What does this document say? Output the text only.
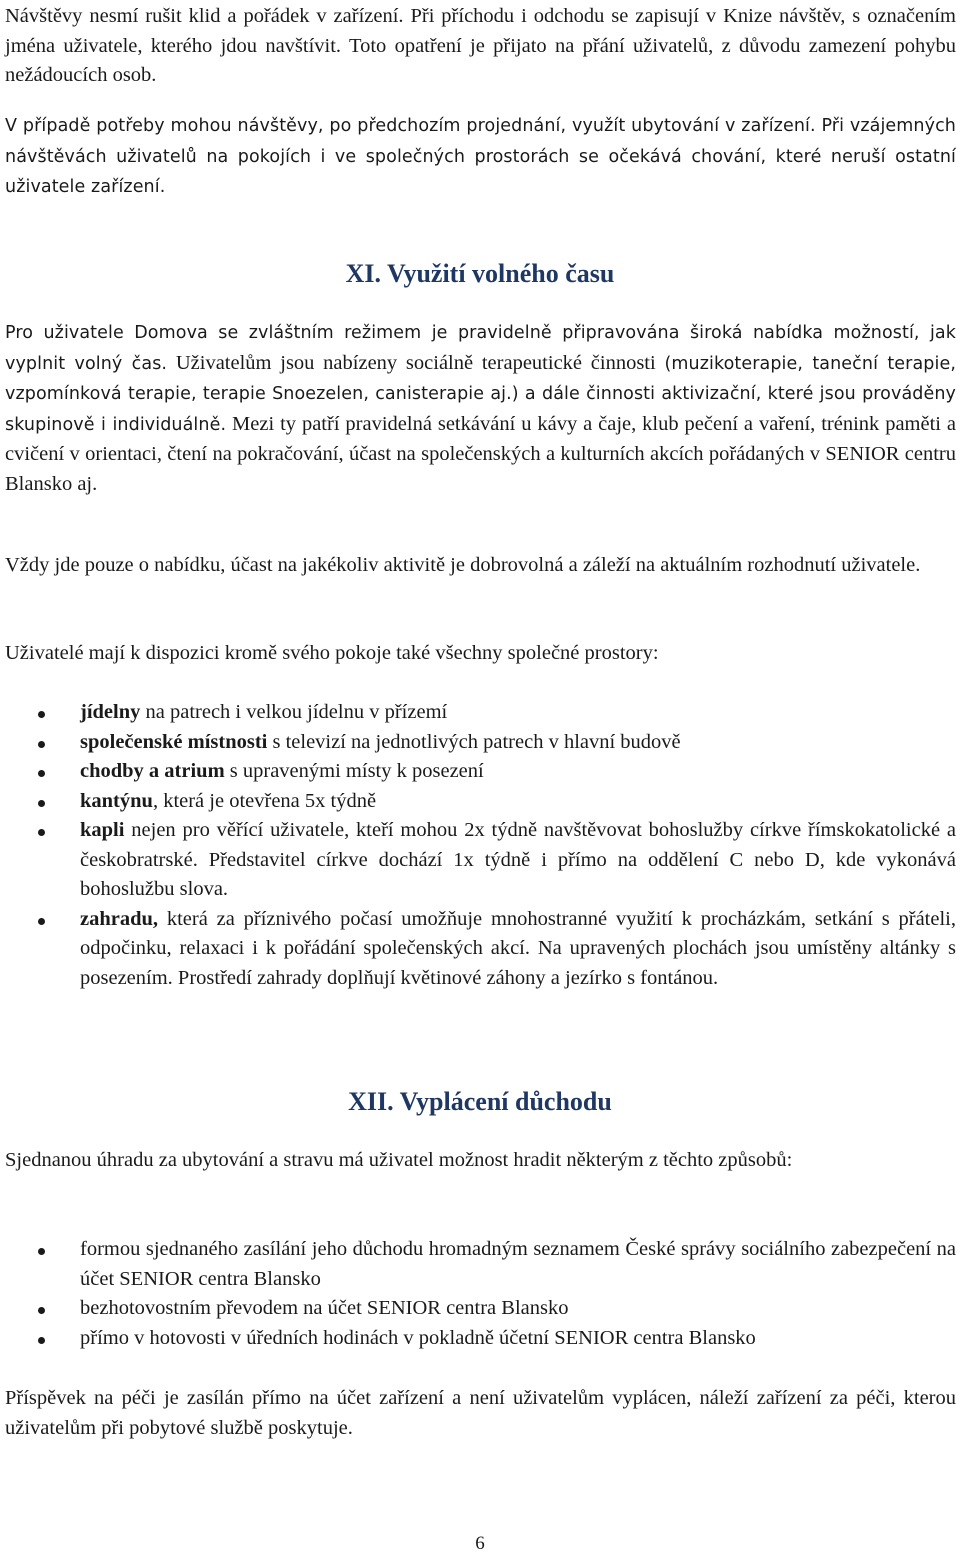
Návštěvy nesmí rušit klid a pořádek v zařízení. Při příchodu i odchodu se zapisují v Knize návštěv, s označením jména uživatele, kterého jdou navštívit. Toto opatření je přijato na přání uživatelů, z důvodu zamezení pohybu nežádoucích osob.

V případě potřeby mohou návštěvy, po předchozím projednání, využít ubytování v zařízení. Při vzájemných návštěvách uživatelů na pokojích i ve společných prostorách se očekává chování, které neruší ostatní uživatele zařízení.

XI. Využití volného času

Pro uživatele Domova se zvláštním režimem je pravidelně připravována široká nabídka možností, jak vyplnit volný čas. Uživatelům jsou nabízeny sociálně terapeutické činnosti (muzikoterapie, taneční terapie, vzpomínková terapie, terapie Snoezelen, canisterapie aj.) a dále činnosti aktivizační, které jsou prováděny skupinově i individuálně. Mezi ty patří pravidelná setkávání u kávy a čaje, klub pečení a vaření, trénink paměti a cvičení v orientaci, čtení na pokračování, účast na společenských a kulturních akcích pořádaných v SENIOR centru Blansko aj.

Vždy jde pouze o nabídku, účast na jakékoliv aktivitě je dobrovolná a záleží na aktuálním rozhodnutí uživatele.

Uživatelé mají k dispozici kromě svého pokoje také všechny společné prostory:

jídelny na patrech i velkou jídelnu v přízemí
společenské místnosti s televizí na jednotlivých patrech v hlavní budově
chodby a atrium s upravenými místy k posezení
kantýnu, která je otevřena 5x týdně
kapli nejen pro věřící uživatele, kteří mohou 2x týdně navštěvovat bohoslužby církve římskokatolické a českobratrské. Představitel církve dochází 1x týdně i přímo na oddělení C nebo D, kde vykonává bohoslužbu slova.
zahradu, která za příznivého počasí umožňuje mnohostranné využití k procházkám, setkání s přáteli, odpočinku, relaxaci i k pořádání společenských akcí. Na upravených plochách jsou umístěny altánky s posezením. Prostředí zahrady doplňují květinové záhony a jezírko s fontánou.
XII. Vyplácení důchodu

Sjednanou úhradu za ubytování a stravu má uživatel možnost hradit některým z těchto způsobů:

formou sjednaného zasílání jeho důchodu hromadným seznamem České správy sociálního zabezpečení na účet SENIOR centra Blansko
bezhotovostním převodem na účet SENIOR centra Blansko
přímo v hotovosti v úředních hodinách v pokladně účetní SENIOR centra Blansko

Příspěvek na péči je zasílán přímo na účet zařízení a není uživatelům vyplácen, náleží zařízení za péči, kterou uživatelům při pobytové službě poskytuje.

6
